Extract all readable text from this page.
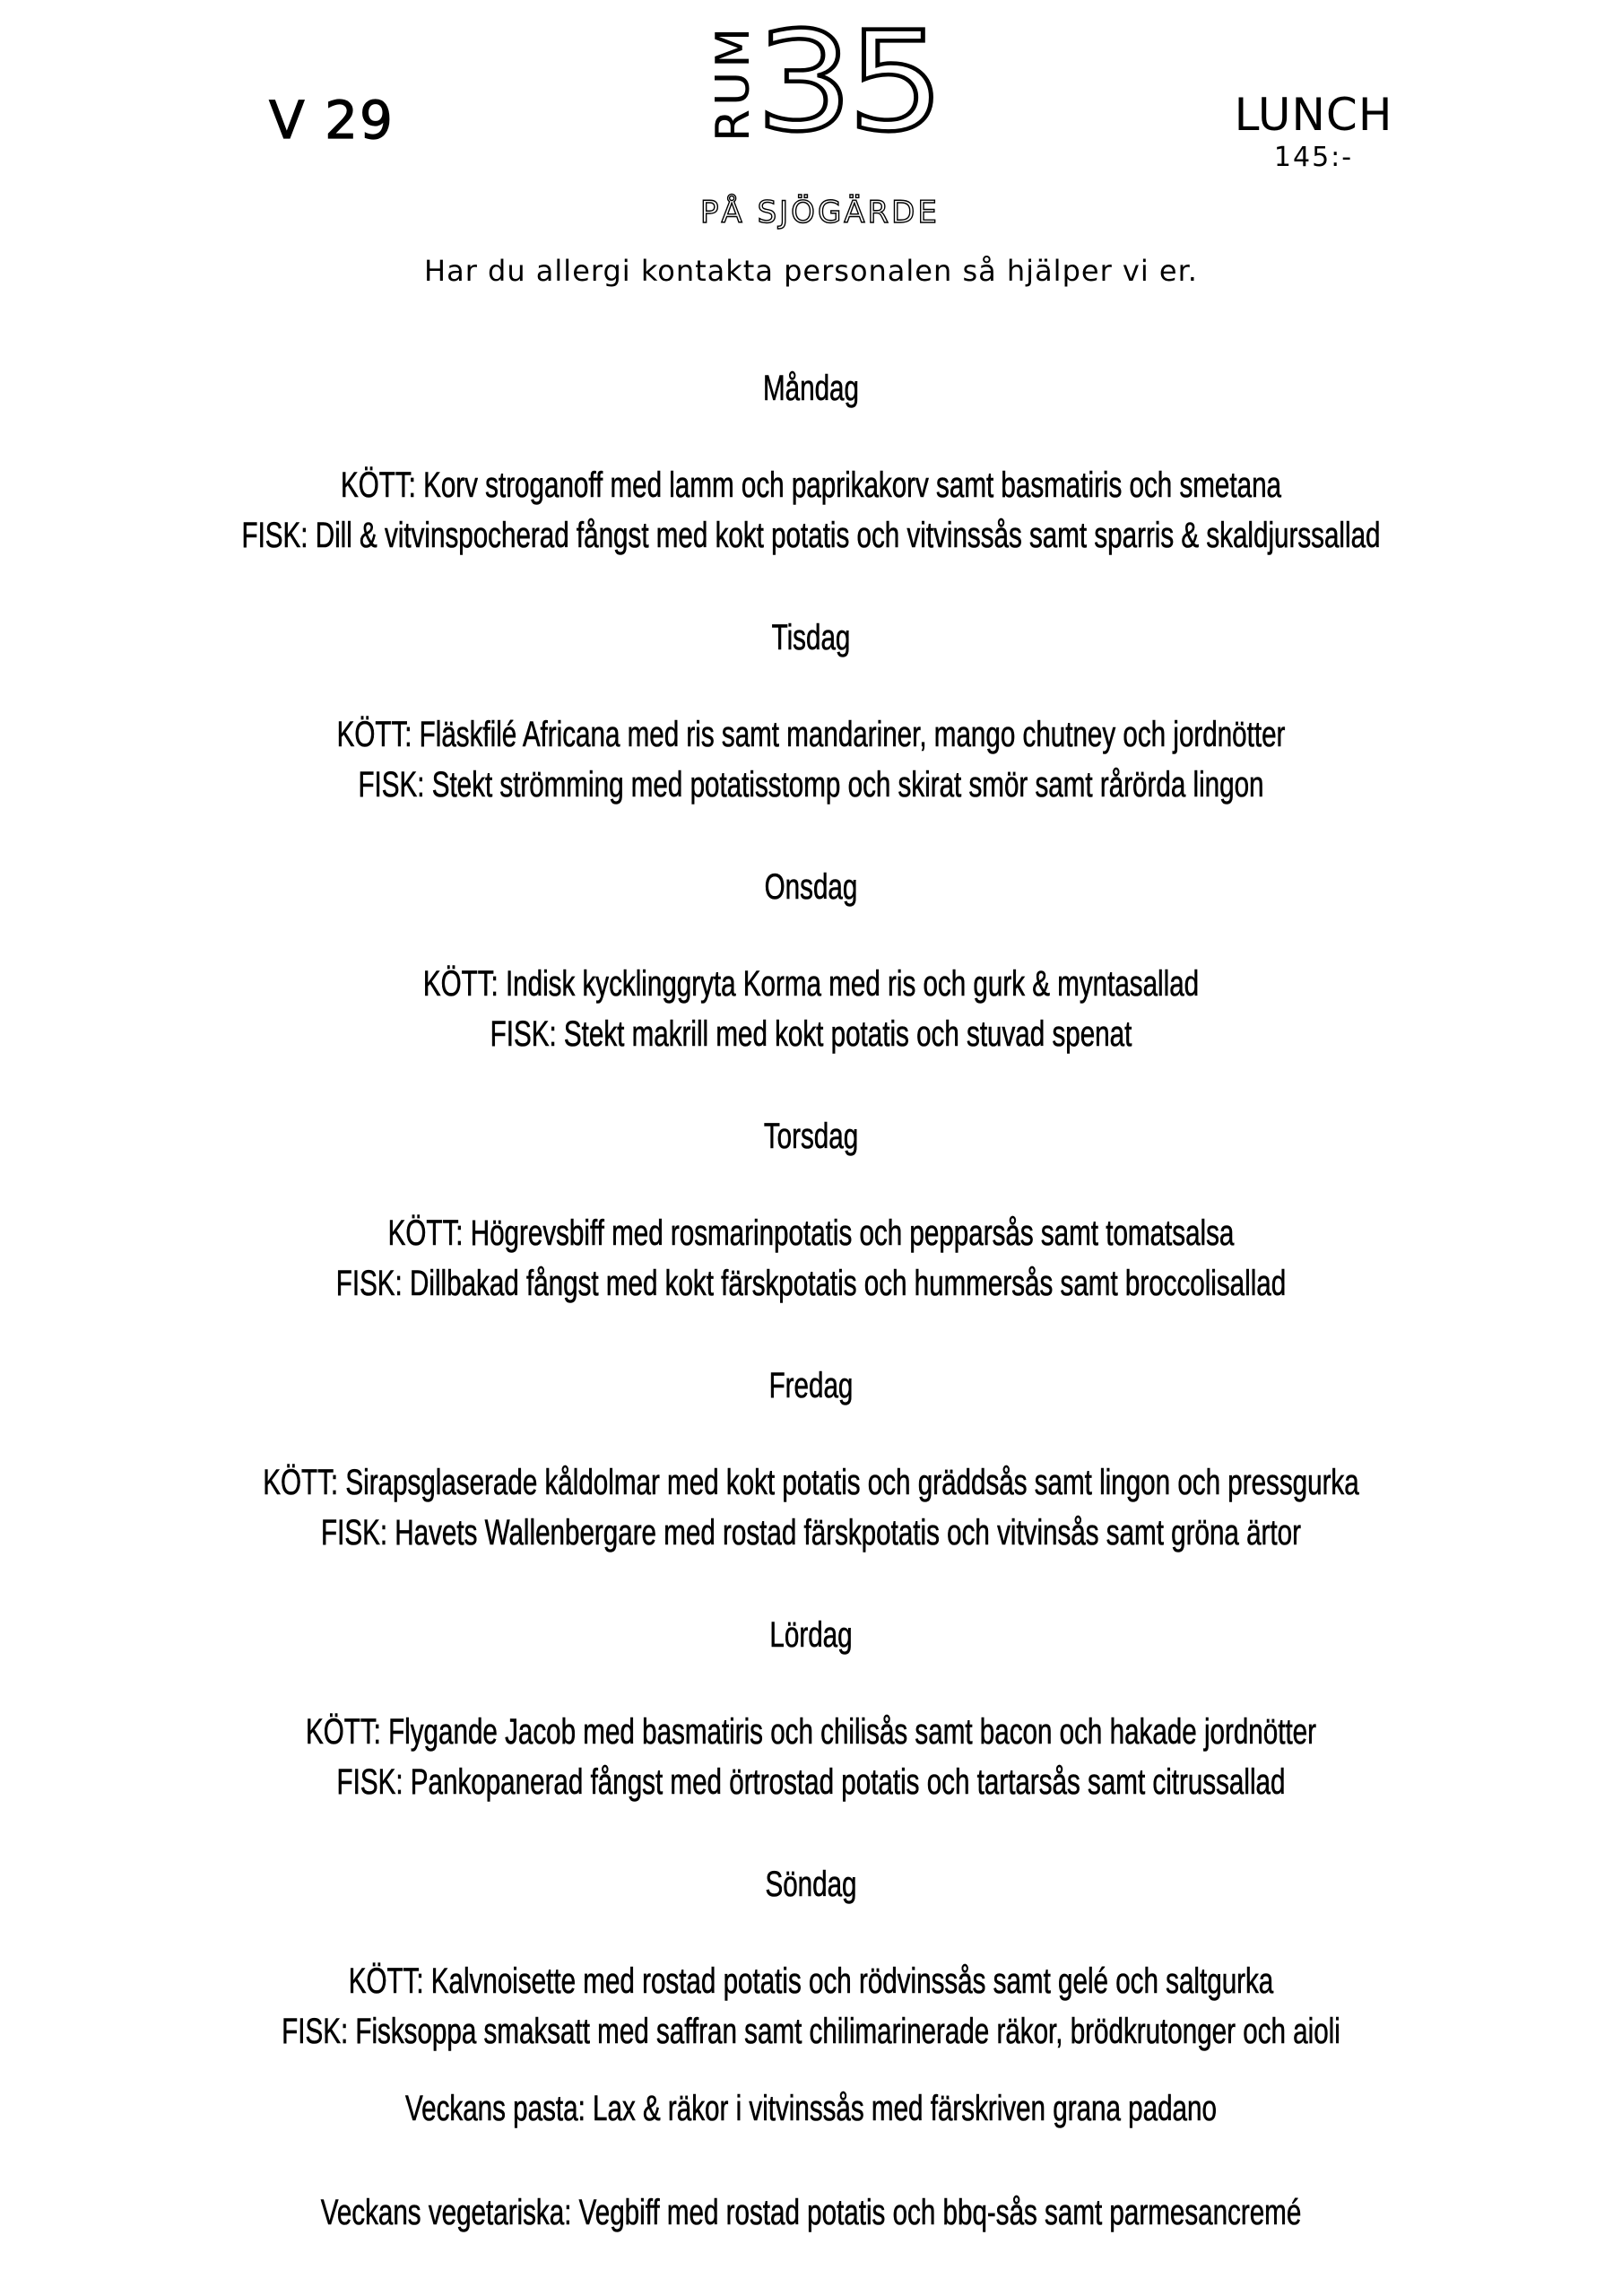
V 29	RUM
35
PÅ SJÖGÄRDE
LUNCH
145:-
Har du allergi kontakta personalen så hjälper vi er.
Måndag
KÖTT: Korv stroganoff med lamm och paprikakorv samt basmatiris och smetana
FISK: Dill & vitvinspocherad fångst med kokt potatis och vitvinssås samt sparris & skaldjurssallad
Tisdag
KÖTT: Fläskfilé Africana med ris samt mandariner, mango chutney och jordnötter
FISK: Stekt strömming med potatisstomp och skirat smör samt rårörda lingon
Onsdag
KÖTT: Indisk kycklinggryta Korma med ris och gurk & myntasallad
FISK: Stekt makrill med kokt potatis och stuvad spenat
Torsdag
KÖTT: Högrevsbiff med rosmarinpotatis och pepparsås samt tomatsalsa
FISK: Dillbakad fångst med kokt färskpotatis och hummersås samt broccolisallad
Fredag
KÖTT: Sirapsglaserade kåldolmar med kokt potatis och gräddsås samt lingon och pressgurka
FISK: Havets Wallenbergare med rostad färskpotatis och vitvinsås samt gröna ärtor
Lördag
KÖTT: Flygande Jacob med basmatiris och chilisås samt bacon och hakade jordnötter
FISK: Pankopanerad fångst med örtrostad potatis och tartarsås samt citrussallad
Söndag
KÖTT: Kalvnoisette med rostad potatis och rödvinssås samt gelé och saltgurka
FISK: Fisksoppa smaksatt med saffran samt chilimarinerade räkor, brödkrutonger och aioli
Veckans pasta: Lax & räkor i vitvinssås med färskriven grana padano
Veckans vegetariska: Vegbiff med rostad potatis och bbq-sås samt parmesancremé
